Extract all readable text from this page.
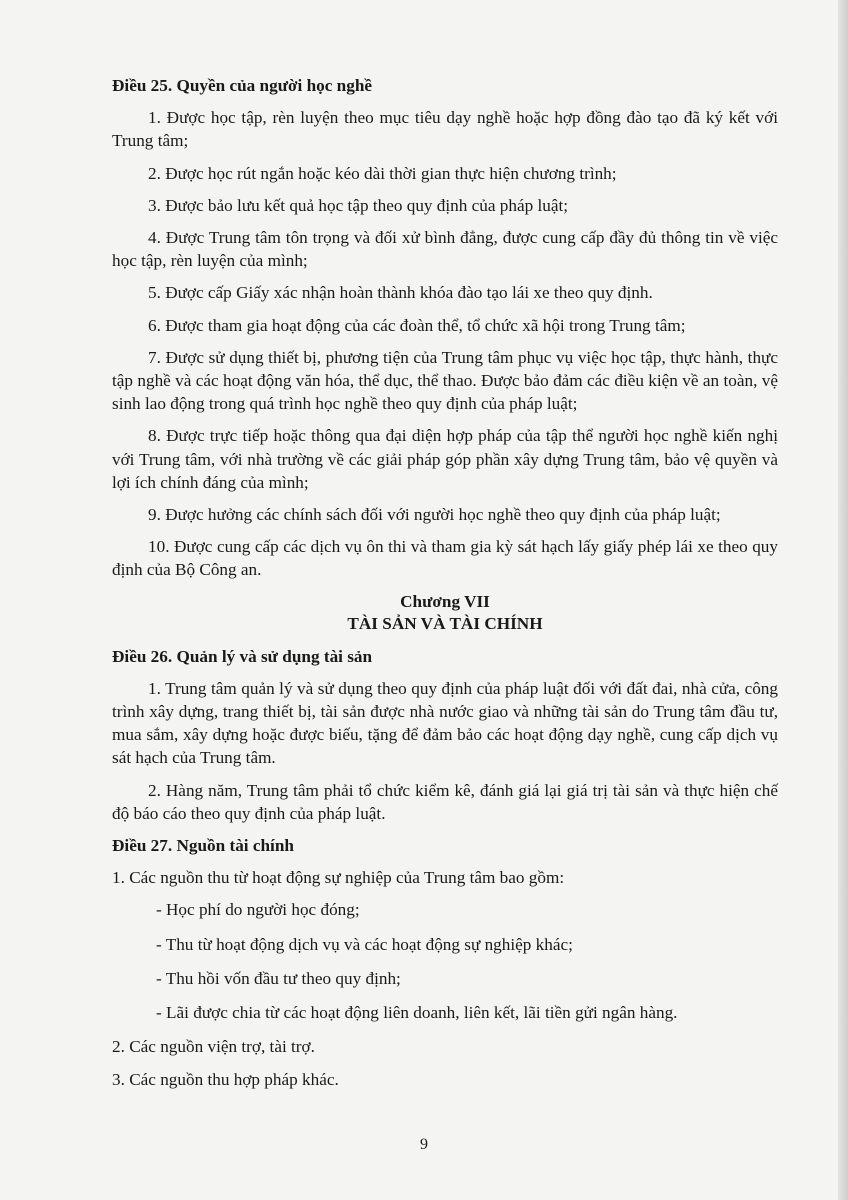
Điều 25. Quyền của người học nghề

1. Được học tập, rèn luyện theo mục tiêu dạy nghề hoặc hợp đồng đào tạo đã ký kết với Trung tâm;

2. Được học rút ngắn hoặc kéo dài thời gian thực hiện chương trình;

3. Được bảo lưu kết quả học tập theo quy định của pháp luật;

4. Được Trung tâm tôn trọng và đối xử bình đẳng, được cung cấp đầy đủ thông tin về việc học tập, rèn luyện của mình;

5. Được cấp Giấy xác nhận hoàn thành khóa đào tạo lái xe theo quy định.

6. Được tham gia hoạt động của các đoàn thể, tổ chức xã hội trong Trung tâm;

7. Được sử dụng thiết bị, phương tiện của Trung tâm phục vụ việc học tập, thực hành, thực tập nghề và các hoạt động văn hóa, thể dục, thể thao. Được bảo đảm các điều kiện về an toàn, vệ sinh lao động trong quá trình học nghề theo quy định của pháp luật;

8. Được trực tiếp hoặc thông qua đại diện hợp pháp của tập thể người học nghề kiến nghị với Trung tâm, với nhà trường về các giải pháp góp phần xây dựng Trung tâm, bảo vệ quyền và lợi ích chính đáng của mình;

9. Được hưởng các chính sách đối với người học nghề theo quy định của pháp luật;

10. Được cung cấp các dịch vụ ôn thi và tham gia kỳ sát hạch lấy giấy phép lái xe theo quy định của Bộ Công an.

Chương VII
TÀI SẢN VÀ TÀI CHÍNH

Điều 26. Quản lý và sử dụng tài sản

1. Trung tâm quản lý và sử dụng theo quy định của pháp luật đối với đất đai, nhà cửa, công trình xây dựng, trang thiết bị, tài sản được nhà nước giao và những tài sản do Trung tâm đầu tư, mua sắm, xây dựng hoặc được biếu, tặng để đảm bảo các hoạt động dạy nghề, cung cấp dịch vụ sát hạch của Trung tâm.

2. Hàng năm, Trung tâm phải tổ chức kiểm kê, đánh giá lại giá trị tài sản và thực hiện chế độ báo cáo theo quy định của pháp luật.

Điều 27. Nguồn tài chính

1. Các nguồn thu từ hoạt động sự nghiệp của Trung tâm bao gồm:

- Học phí do người học đóng;

- Thu từ hoạt động dịch vụ và các hoạt động sự nghiệp khác;

- Thu hồi vốn đầu tư theo quy định;

- Lãi được chia từ các hoạt động liên doanh, liên kết, lãi tiền gửi ngân hàng.

2. Các nguồn viện trợ, tài trợ.

3. Các nguồn thu hợp pháp khác.

9
